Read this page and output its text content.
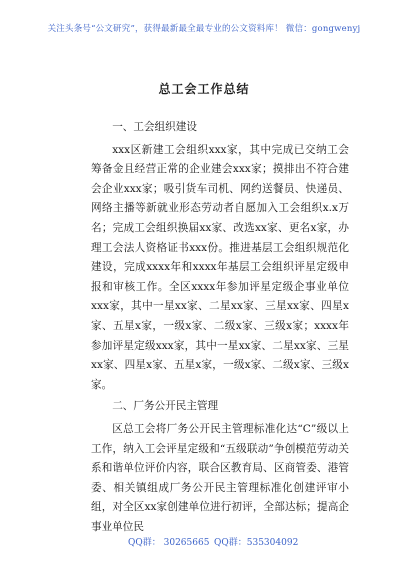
关注头条号“公文研究”，获得最新最全最专业的公文资料库！ 微信：gongwenyj
总工会工作总结

一、工会组织建设

xxx区新建工会组织xxx家，其中完成已交纳工会筹备金且经营正常的企业建会xxx家；摸排出不符合建会企业xxx家；吸引货车司机、网约送餐员、快递员、网络主播等新就业形态劳动者自愿加入工会组织x.x万名；完成工会组织换届xx家、改选xx家、更名x家，办理工会法人资格证书xxx份。推进基层工会组织规范化建设，完成xxxx年和xxxx年基层工会组织评星定级申报和审核工作。全区xxxx年参加评星定级企事业单位xxx家，其中一星xx家、二星xx家、三星xx家、四星x家、五星x家，一级x家、二级x家、三级x家；xxxx年参加评星定级xxx家，其中一星xx家、二星xx家、三星xx家、四星x家、五星x家，一级x家、二级x家、三级x家。

二、厂务公开民主管理

区总工会将厂务公开民主管理标准化达“C”级以上工作，纳入工会评星定级和“五级联动”争创模范劳动关系和谐单位评价内容，联合区教育局、区商管委、港管委、相关镇组成厂务公开民主管理标准化创建评审小组，对全区xx家创建单位进行初评，全部达标；提高企事业单位民

QQ群： 30265665 QQ群：535304092
